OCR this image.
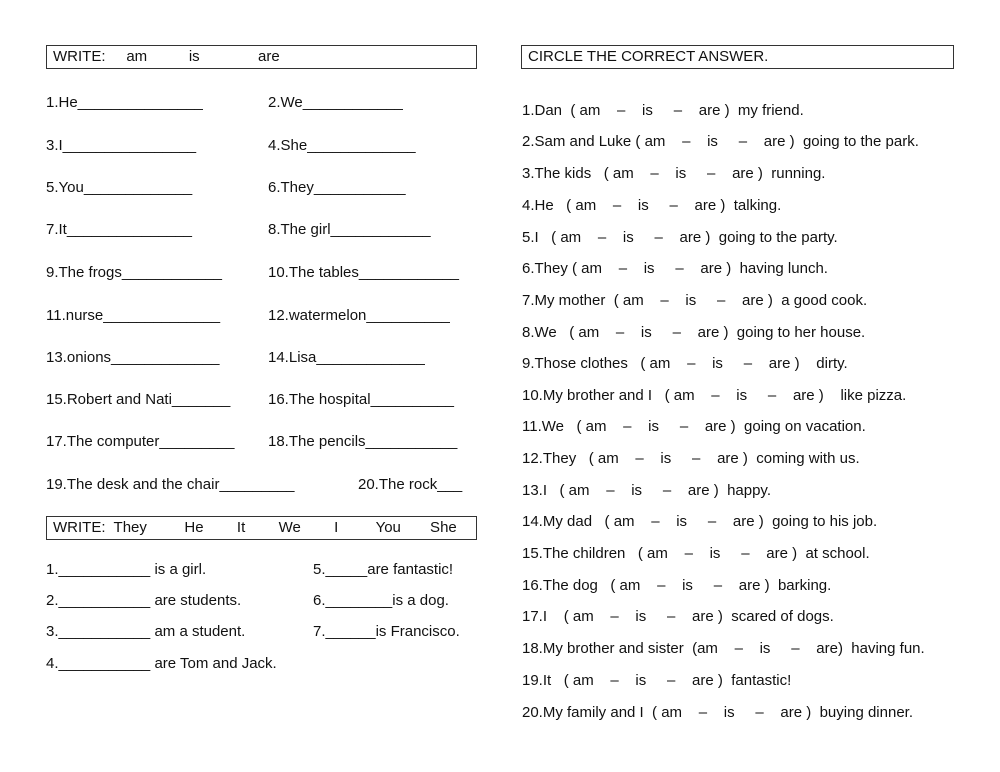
WRITE:     am          is              are
1.He_______________	2.We____________
3.I________________	4.She_____________
5.You_____________	6.They___________
7.It_______________	8.The girl____________
9.The frogs____________	10.The tables____________
11.nurse______________	12.watermelon__________
13.onions_____________	14.Lisa_____________
15.Robert and Nati_______	16.The hospital__________
17.The computer_________ 18.The pencils___________
19.The desk and the chair_________	20.The rock___
WRITE:  They         He        It        We        I         You       She
1.___________ is a girl.	5._____are fantastic!
2.___________ are students.	6.________is a dog.
3.___________ am a student.	7.______is Francisco.
4.___________ are Tom and Jack.
CIRCLE THE CORRECT ANSWER.
1.Dan  ( am    –    is     –    are )  my friend.
2.Sam and Luke ( am    –    is     –    are )  going to the park.
3.The kids   ( am    –    is     –    are )  running.
4.He   ( am    –    is     –    are )  talking.
5.I   ( am    –    is     –    are )  going to the party.
6.They ( am    –    is     –    are )  having lunch.
7.My mother  ( am    –    is     –    are )  a good cook.
8.We   ( am    –    is     –    are )  going to her house.
9.Those clothes   ( am    –    is     –    are )    dirty.
10.My brother and I   ( am    –    is     –    are )    like pizza.
11.We   ( am    –    is     –    are )  going on vacation.
12.They   ( am    –    is     –    are )  coming with us.
13.I   ( am    –    is     –    are )  happy.
14.My dad   ( am    –    is     –    are )  going to his job.
15.The children   ( am    –    is     –    are )  at school.
16.The dog   ( am    –    is     –    are )  barking.
17.I    ( am    –    is     –    are )  scared of dogs.
18.My brother and sister  (am    –    is     –    are)  having fun.
19.It   ( am    –    is     –    are )  fantastic!
20.My family and I  ( am    –    is     –    are )  buying dinner.
